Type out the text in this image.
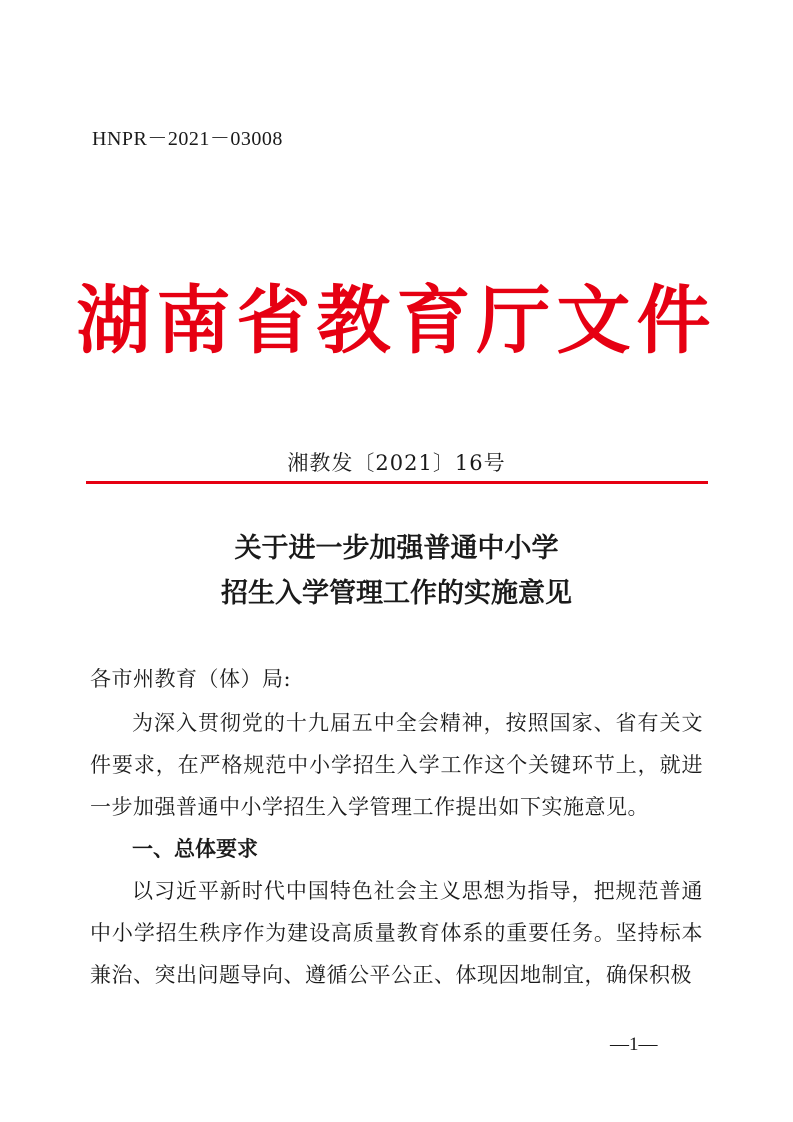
HNPR－2021－03008
湖南省教育厅文件
湘教发〔2021〕16号
关于进一步加强普通中小学
招生入学管理工作的实施意见
各市州教育（体）局:
为深入贯彻党的十九届五中全会精神，按照国家、省有关文件要求，在严格规范中小学招生入学工作这个关键环节上，就进一步加强普通中小学招生入学管理工作提出如下实施意见。
一、总体要求
以习近平新时代中国特色社会主义思想为指导，把规范普通中小学招生秩序作为建设高质量教育体系的重要任务。坚持标本兼治、突出问题导向、遵循公平公正、体现因地制宜，确保积极
—1—
